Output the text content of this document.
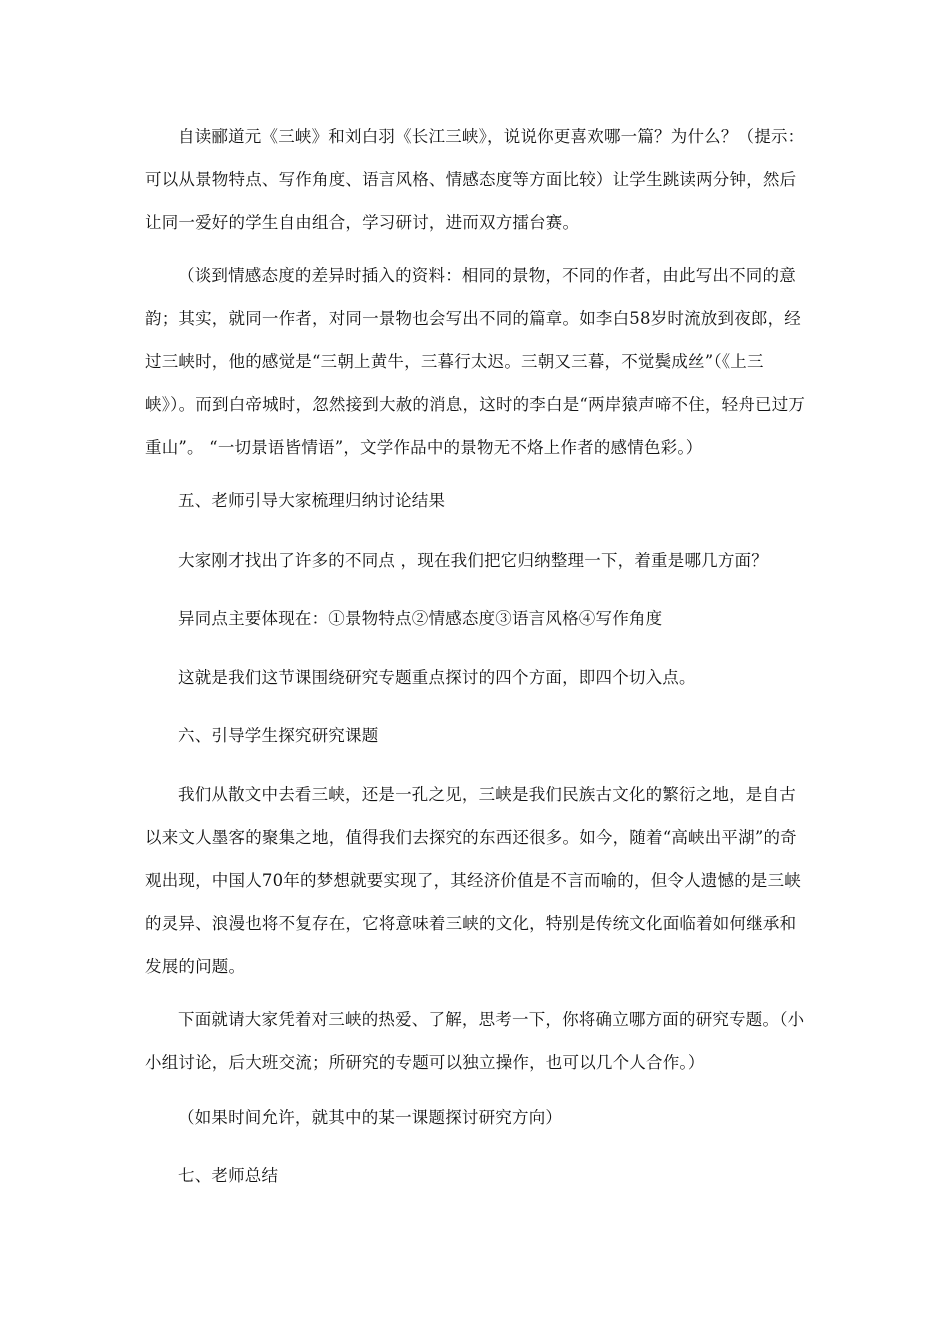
自读郦道元《三峡》和刘白羽《长江三峡》，说说你更喜欢哪一篇？为什么？（提示：可以从景物特点、写作角度、语言风格、情感态度等方面比较）让学生跳读两分钟，然后让同一爱好的学生自由组合，学习研讨，进而双方擂台赛。

（谈到情感态度的差异时插入的资料：相同的景物，不同的作者，由此写出不同的意韵；其实，就同一作者，对同一景物也会写出不同的篇章。如李白58岁时流放到夜郎，经过三峡时，他的感觉是“三朝上黄牛，三暮行太迟。三朝又三暮，不觉鬓成丝”（《上三峡》）。而到白帝城时，忽然接到大赦的消息，这时的李白是“两岸猿声啼不住，轻舟已过万重山”。 “一切景语皆情语”，文学作品中的景物无不烙上作者的感情色彩。）

五、老师引导大家梳理归纳讨论结果

大家刚才找出了许多的不同点 ，现在我们把它归纳整理一下，着重是哪几方面？

异同点主要体现在：①景物特点②情感态度③语言风格④写作角度

这就是我们这节课围绕研究专题重点探讨的四个方面，即四个切入点。

六、引导学生探究研究课题

我们从散文中去看三峡，还是一孔之见，三峡是我们民族古文化的繁衍之地，是自古以来文人墨客的聚集之地，值得我们去探究的东西还很多。如今，随着“高峡出平湖”的奇观出现，中国人70年的梦想就要实现了，其经济价值是不言而喻的，但令人遗憾的是三峡的灵异、浪漫也将不复存在，它将意味着三峡的文化，特别是传统文化面临着如何继承和发展的问题。

下面就请大家凭着对三峡的热爱、了解，思考一下，你将确立哪方面的研究专题。（小小组讨论，后大班交流；所研究的专题可以独立操作，也可以几个人合作。）

（如果时间允许，就其中的某一课题探讨研究方向）

七、老师总结
